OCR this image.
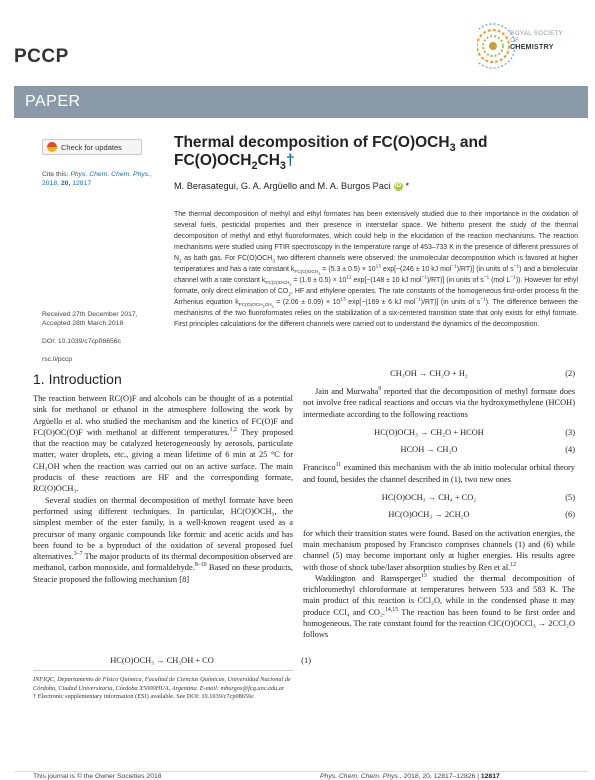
PCCP
ROYAL SOCIETY
OF
CHEMISTRY
PAPER
Check for updates
Cite this: Phys. Chem. Chem. Phys.,
2018, 20, 12817
Received 27th December 2017,
Accepted 28th March 2018
DOI: 10.1039/c7cp08656c
rsc.li/pccp
Thermal decomposition of $FC(O)OCH_3$ and
$FC(O)OCH_2CH_3\dagger$
M. Berasategui, G. A. Argüello and M. A. Burgos Paci iD *
The thermal decomposition of methyl and ethyl formates has been extensively studied due to their importance in the oxidation of several fuels, pesticidal properties and their presence in interstellar space. We hitherto present the study of the thermal decomposition of methyl and ethyl fluoroformates, which could help in the elucidation of the reaction mechanisms. The reaction mechanisms were studied using FTIR spectroscopy in the temperature range of 453–733 K in the presence of different pressures of $N_2$ as bath gas. For $FC(O)OCH_3$ two different channels were observed: the unimolecular decomposition which is favored at higher temperatures and has a rate constant $k_{FC(O)OCH_3} = (5.3 \pm 0.5) \times 10^{13}$ exp[−(246 ± 10 kJ mol$^{-1}$)/RT)] (in units of $s^{-1}$) and a bimolecular channel with a rate constant $k_{FC(O)OCH_3} = (1.6 \pm 0.5) \times 10^{11}$ exp[−(148 ± 10 kJ mol$^{-1}$)/RT)] (in units of $s^{-1}$ (mol $L^{-1}$)). However for ethyl formate, only direct elimination of $CO_2$, HF and ethylene operates. The rate constants of the homogeneous first-order process fit the Arrhenius equation $k_{FC(O)OCH_2CH_3} = (2.06 \pm 0.09) \times 10^{13}$ exp[−(169 ± 6 kJ mol$^{-1}$)/RT)] (in units of $s^{-1}$). The difference between the mechanisms of the two fluoroformates relies on the stabilization of a six-centered transition state that only exists for ethyl formate. First principles calculations for the different channels were carried out to understand the dynamics of the decomposition.
1. Introduction

The reaction between RC(O)F and alcohols can be thought of as a potential sink for methanol or ethanol in the atmosphere following the work by Argüello et al. who studied the mechanism and the kinetics of FC(O)F and FC(O)OC(O)F with methanol at different temperatures.$^{1,2}$ They proposed that the reaction may be catalyzed heterogeneously by aerosols, particulate matter, water droplets, etc., giving a mean lifetime of 6 min at 25 °C for CH₃OH when the reaction was carried out on an active surface. The main products of these reactions are HF and the corresponding formate, RC(O)OCH₃.

Several studies on thermal decomposition of methyl formate have been performed using different techniques. In particular, HC(O)OCH₃, the simplest member of the ester family, is a well-known reagent used as a precursor of many organic compounds like formic and acetic acids and has been found to be a byproduct of the oxidation of several proposed fuel alternatives.$^{3-7}$ The major products of its thermal decomposition observed are methanol, carbon monoxide, and formaldehyde.$^{8-10}$ Based on these products, Steacie proposed the following mechanism [8]

HC(O)OCH₃ → CH₃OH + CO	(1)
INFIQC, Departamento de Físico Química, Facultad de Ciencias Químicas, Universidad Nacional de Córdoba, Ciudad Universitaria, Córdoba X5000HUA, Argentina. E-mail: mburgos@fcq.unc.edu.ar
† Electronic supplementary information (ESI) available. See DOI: 10.1039/c7cp08656c
CH₃OH → CH₂O + H₂	(2)

Jain and Murwaha$^9$ reported that the decomposition of methyl formate does not involve free radical reactions and occurs via the hydroxymethylene (HCOH) intermediate according to the following reactions

HC(O)OCH₃ → CH₂O + HCOH	(3)
HCOH → CH₂O	(4)

Francisco$^{11}$ examined this mechanism with the ab initio molecular orbital theory and found, besides the channel described in (1), two new ones

HC(O)OCH₃ → CH₄ + CO₂	(5)
HC(O)OCH₃ → 2CH₂O	(6)

for which their transition states were found. Based on the activation energies, the main mechanism proposed by Francisco comprises channels (1) and (6) while channel (5) may become important only at higher energies. His results agree with those of shock tube/laser absorption studies by Ren et al.$^{12}$

Waddington and Ramsperger$^{13}$ studied the thermal decomposition of trichloromethyl chloroformate at temperatures between 533 and 583 K. The main product of this reaction is CCl₂O, while in the condensed phase it may produce CCl₄ and CO₂.$^{14,15}$ The reaction has been found to be first order and homogeneous. The rate constant found for the reaction ClC(O)OCCl₃ → 2CCl₂O follows

This journal is © the Owner Societies 2018	Phys. Chem. Chem. Phys., 2018, 20, 12817–12826 | 12817
